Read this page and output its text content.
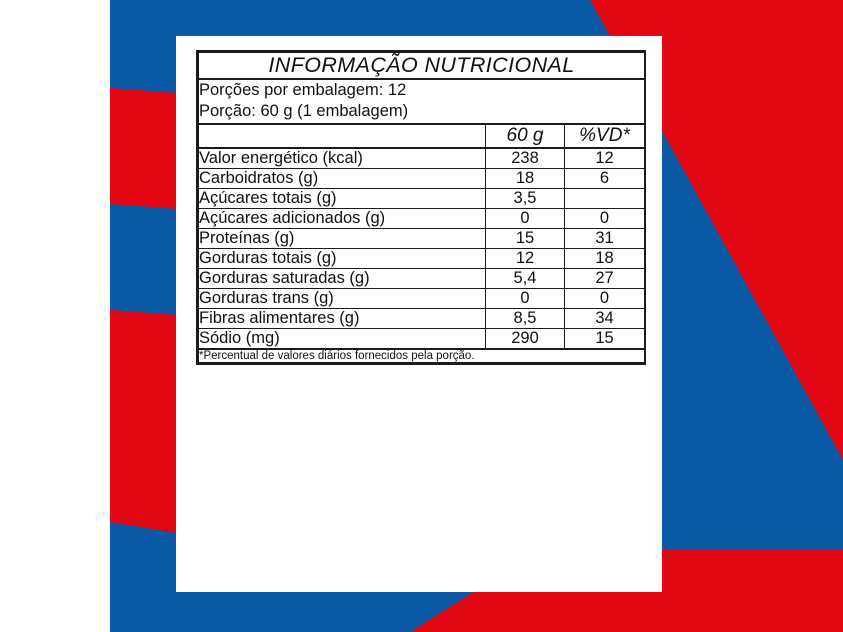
INFORMAÇÃO NUTRICIONAL		

Porções por embalagem: 12
Porção: 60 g (1 embalagem)		

	60 g	%VD*
Valor energético (kcal)	238	12
Carboidratos (g)	18	6
Açúcares totais (g)	3,5	
Açúcares adicionados (g)	0	0
Proteínas (g)	15	31
Gorduras totais (g)	12	18
Gorduras saturadas (g)	5,4	27
Gorduras trans (g)	0	0
Fibras alimentares (g)	8,5	34
Sódio (mg)	290	15
*Percentual de valores diários fornecidos pela porção.		
